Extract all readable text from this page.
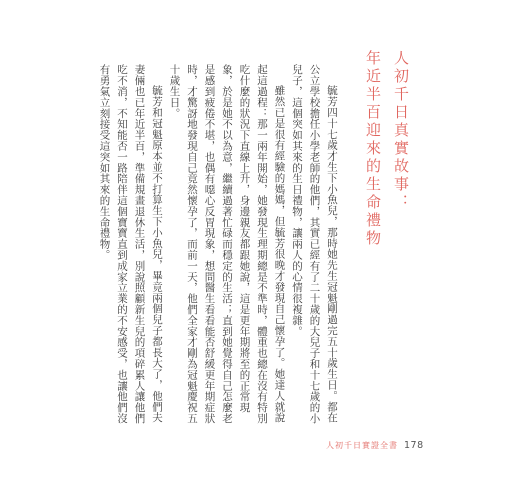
人初千日真實故事：
年近半百迎來的生命禮物

毓芳四十七歲才生下小魚兒，那時她先生冠魁剛過完五十歲生日。都在公立學校擔任小學老師的他們，其實已經有了二十歲的大兒子和十七歲的小兒子，這個突如其來的生日禮物，讓兩人的心情很複雜。

雖然已是很有經驗的媽媽，但毓芳很晚才發現自己懷孕了。她達人就說起這過程：那一兩年開始，她發現生理期總是不準時，體重也總在沒有特別吃什麼的狀況下直線上升，身邊親友都跟她說，這是更年期將至的正常現象，於是她不以為意，繼續過著忙碌而穩定的生活；直到她覺得自己怎麼老是感到疲倦不堪，也偶有噁心反胃現象，想問醫生看看能否舒緩更年期症狀時，才驚訝地發現自己竟然懷孕了，而前一天，他們全家才剛為冠魁慶祝五十歲生日。

毓芳和冠魁原本並不打算生下小魚兒，畢竟兩個兒子都長大了，他們夫妻倆也已年近半百，準備規畫退休生活，別說照顧新生兒的項碎累人讓他們吃不消，不知能否一路陪伴這個寶寶直到成家立業的不安感受，也讓他們沒有勇氣立刻接受這突如其來的生命禮物。

人初千日實證全書 178
